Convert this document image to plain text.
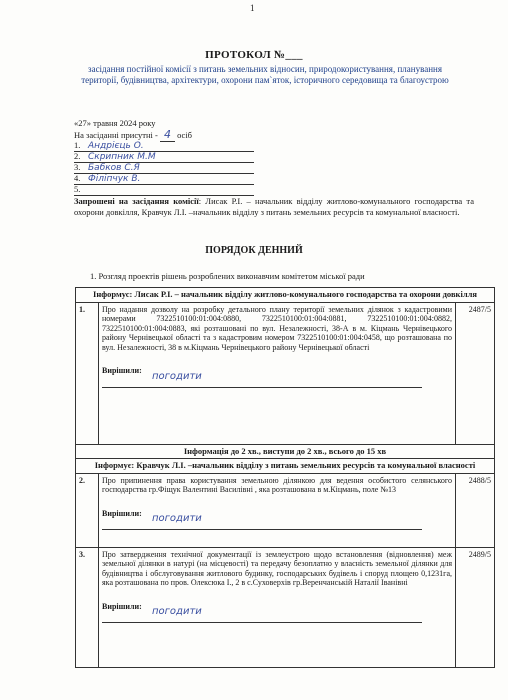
1
ПРОТОКОЛ №___
засідання постійної комісії з питань земельних відносин, природокористування, планування території, будівництва, архітектури, охорони пам`яток, історичного середовища та благоустрою
«27» травня 2024 року
На засіданні присутні - 4 осіб
1. Андрієць О.
2. Скрипник М.М
3. Бабков С.Я
4. Філіпчук В.
5.
Запрошені на засідання комісії: Лисак Р.І. – начальник відділу житлово-комунального господарства та охорони довкілля, Кравчук Л.І. –начальник відділу з питань земельних ресурсів та комунальної власності.
ПОРЯДОК ДЕННИЙ
1. Розгляд проектів рішень розроблених виконавчим комітетом міської ради
Інформус: Лисак Р.І. – начальник відділу житлово-комунального господарства та охорони довкілля		
1.	Про надання дозволу на розробку детального плану території земельних ділянок з кадастровими номерами 7322510100:01:004:0880, 7322510100:01:004:0881, 7322510100:01:004:0882, 7322510100:01:004:0883, які розташовані по вул. Незалежності, 38-А в м. Кіцмань Чернівецького району Чернівецької області та з кадастровим номером 7322510100:01:004:0458, що розташована по вул. Незалежності, 38 в м.Кіцмань Чернівецького району Чернівецької області
Вирішили: погодити	2487/5
Інформація до 2 хв., виступи до 2 хв., всього до 15 хв		
Інформує: Кравчук Л.І. –начальник відділу з питань земельних ресурсів та комунальної власності		
2.	Про припинення права користування земельною ділянкою для ведення особистого селянського господарства гр.Фіщук Валентині Василівні , яка розташована в м.Кіцмань, поле №13
Вирішили: погодити	2488/5
3.	Про затвердження технічної документації із землеустрою щодо встановлення (відновлення) меж земельної ділянки в натурі (на місцевості) та передачу безоплатно у власність земельної ділянки для будівництва і обслуговування житлового будинку, господарських будівель і споруд площею 0,1231га, яка розташована по пров. Олексюка І., 2 в с.Суховерхів гр.Веренчанській Наталії Іванівні
Вирішили: погодити	2489/5
